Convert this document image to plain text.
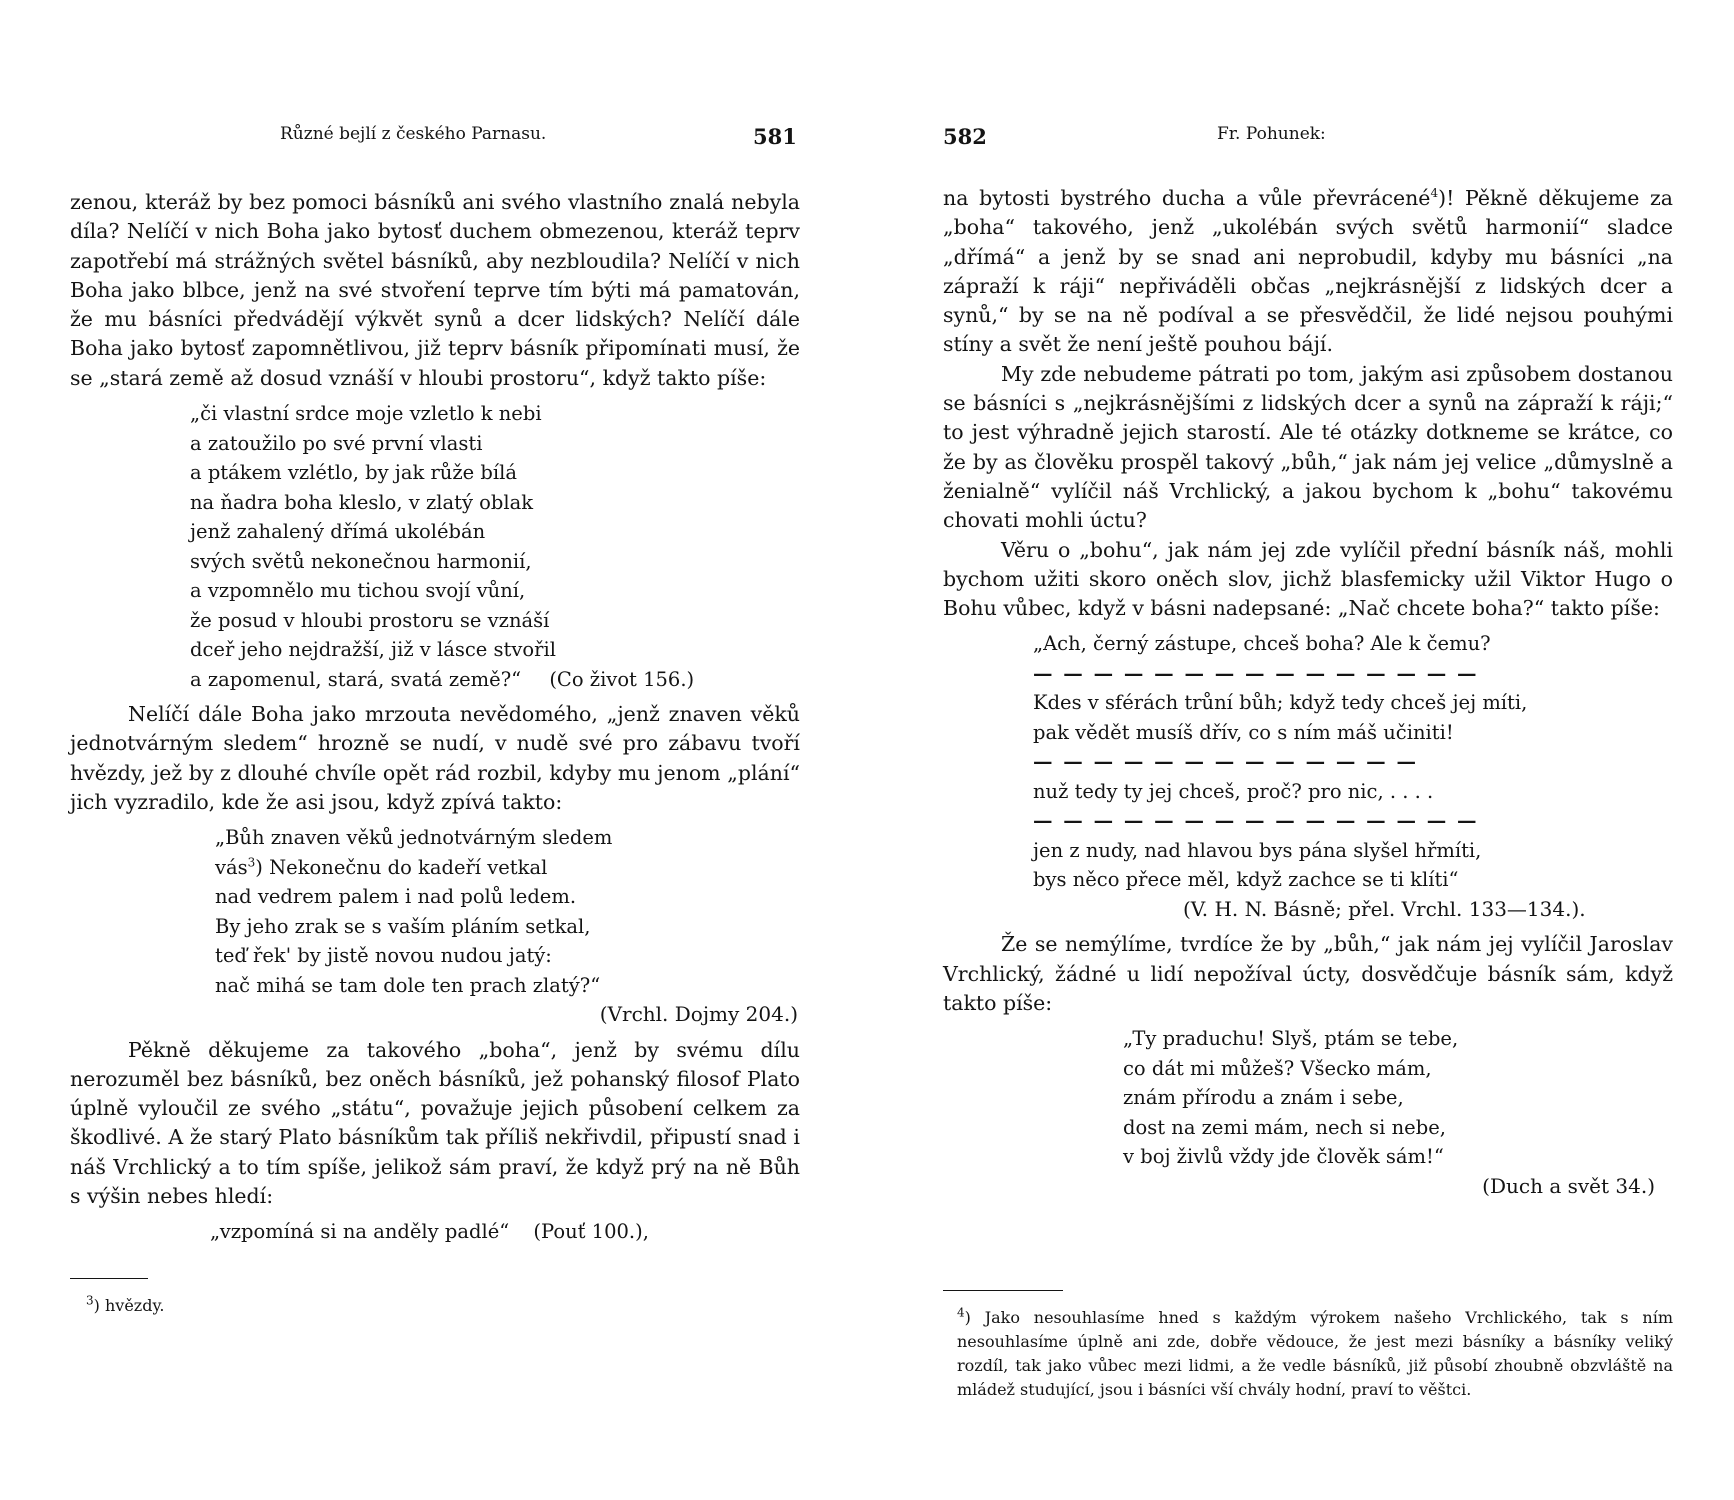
Různé bejlí z českého Parnasu.	581

zenou, kteráž by bez pomoci básníků ani svého vlastního znalá nebyla díla? Nelíčí v nich Boha jako bytosť duchem obmezenou, kteráž teprv zapotřebí má strážných světel básníků, aby nezbloudila? Nelíčí v nich Boha jako blbce, jenž na své stvoření teprve tím býti má pamatován, že mu básníci předvádějí výkvět synů a dcer lidských? Nelíčí dále Boha jako bytosť zapomnětlivou, již teprv básník připomínati musí, že se „stará země až dosud vznáší v hloubi prostoru“, když takto píše:

„či vlastní srdce moje vzletlo k nebi
a zatoužilo po své první vlasti
a ptákem vzlétlo, by jak růže bílá
na ňadra boha kleslo, v zlatý oblak
jenž zahalený dřímá ukolébán
svých světů nekonečnou harmonií,
a vzpomnělo mu tichou svojí vůní,
že posud v hloubi prostoru se vznáší
dceř jeho nejdražší, již v lásce stvořil
a zapomenul, stará, svatá země?“ (Co život 156.)

Nelíčí dále Boha jako mrzouta nevědomého, „jenž znaven věků jednotvárným sledem“ hrozně se nudí, v nudě své pro zábavu tvoří hvězdy, jež by z dlouhé chvíle opět rád rozbil, kdyby mu jenom „plání“ jich vyzradilo, kde že asi jsou, když zpívá takto:

„Bůh znaven věků jednotvárným sledem
vás$^3$) Nekonečnu do kadeří vetkal
nad vedrem palem i nad polů ledem.
By jeho zrak se s vaším pláním setkal,
teď řek' by jistě novou nudou jatý:
nač mihá se tam dole ten prach zlatý?“
(Vrchl. Dojmy 204.)

Pěkně děkujeme za takového „boha“, jenž by svému dílu nerozuměl bez básníků, bez oněch básníků, jež pohanský filosof Plato úplně vyloučil ze svého „státu“, považuje jejich působení celkem za škodlivé. A že starý Plato básníkům tak příliš nekřivdil, připustí snad i náš Vrchlický a to tím spíše, jelikož sám praví, že když prý na ně Bůh s výšin nebes hledí:

„vzpomíná si na anděly padlé“ (Pouť 100.),
$^3$) hvězdy.
582	Fr. Pohunek:

na bytosti bystrého ducha a vůle převrácené$^4$)! Pěkně děkujeme za „boha“ takového, jenž „ukolébán svých světů harmonií“ sladce „dřímá“ a jenž by se snad ani neprobudil, kdyby mu básníci „na zápraží k ráji“ nepřiváděli občas „nejkrásnější z lidských dcer a synů,“ by se na ně podíval a se přesvědčil, že lidé nejsou pouhými stíny a svět že není ještě pouhou bájí.

My zde nebudeme pátrati po tom, jakým asi způsobem dostanou se básníci s „nejkrásnějšími z lidských dcer a synů na zápraží k ráji;“ to jest výhradně jejich starostí. Ale té otázky dotkneme se krátce, co že by as člověku prospěl takový „bůh,“ jak nám jej velice „důmyslně a ženialně“ vylíčil náš Vrchlický, a jakou bychom k „bohu“ takovému chovati mohli úctu?

Věru o „bohu“, jak nám jej zde vylíčil přední básník náš, mohli bychom užiti skoro oněch slov, jichž blasfemicky užil Viktor Hugo o Bohu vůbec, když v básni nadepsané: „Nač chcete boha?“ takto píše:

„Ach, černý zástupe, chceš boha? Ale k čemu?
— — — — — — — — — — — — — — —
Kdes v sférách trůní bůh; když tedy chceš jej míti,
pak vědět musíš dřív, co s ním máš učiniti!
— — — — — — — — — — — — —
nuž tedy ty jej chceš, proč? pro nic, . . . .
— — — — — — — — — — — — — — —
jen z nudy, nad hlavou bys pána slyšel hřmíti,
bys něco přece měl, když zachce se ti klíti“
(V. H. N. Básně; přel. Vrchl. 133—134.).

Že se nemýlíme, tvrdíce že by „bůh,“ jak nám jej vylíčil Jaroslav Vrchlický, žádné u lidí nepožíval úcty, dosvědčuje básník sám, když takto píše:

„Ty praduchu! Slyš, ptám se tebe,
co dát mi můžeš? Všecko mám,
znám přírodu a znám i sebe,
dost na zemi mám, nech si nebe,
v boj živlů vždy jde člověk sám!“
(Duch a svět 34.)
$^4$) Jako nesouhlasíme hned s každým výrokem našeho Vrchlického, tak s ním nesouhlasíme úplně ani zde, dobře vědouce, že jest mezi básníky a básníky veliký rozdíl, tak jako vůbec mezi lidmi, a že vedle básníků, již působí zhoubně obzvláště na mládež studující, jsou i básníci vší chvály hodní, praví to věštci.
